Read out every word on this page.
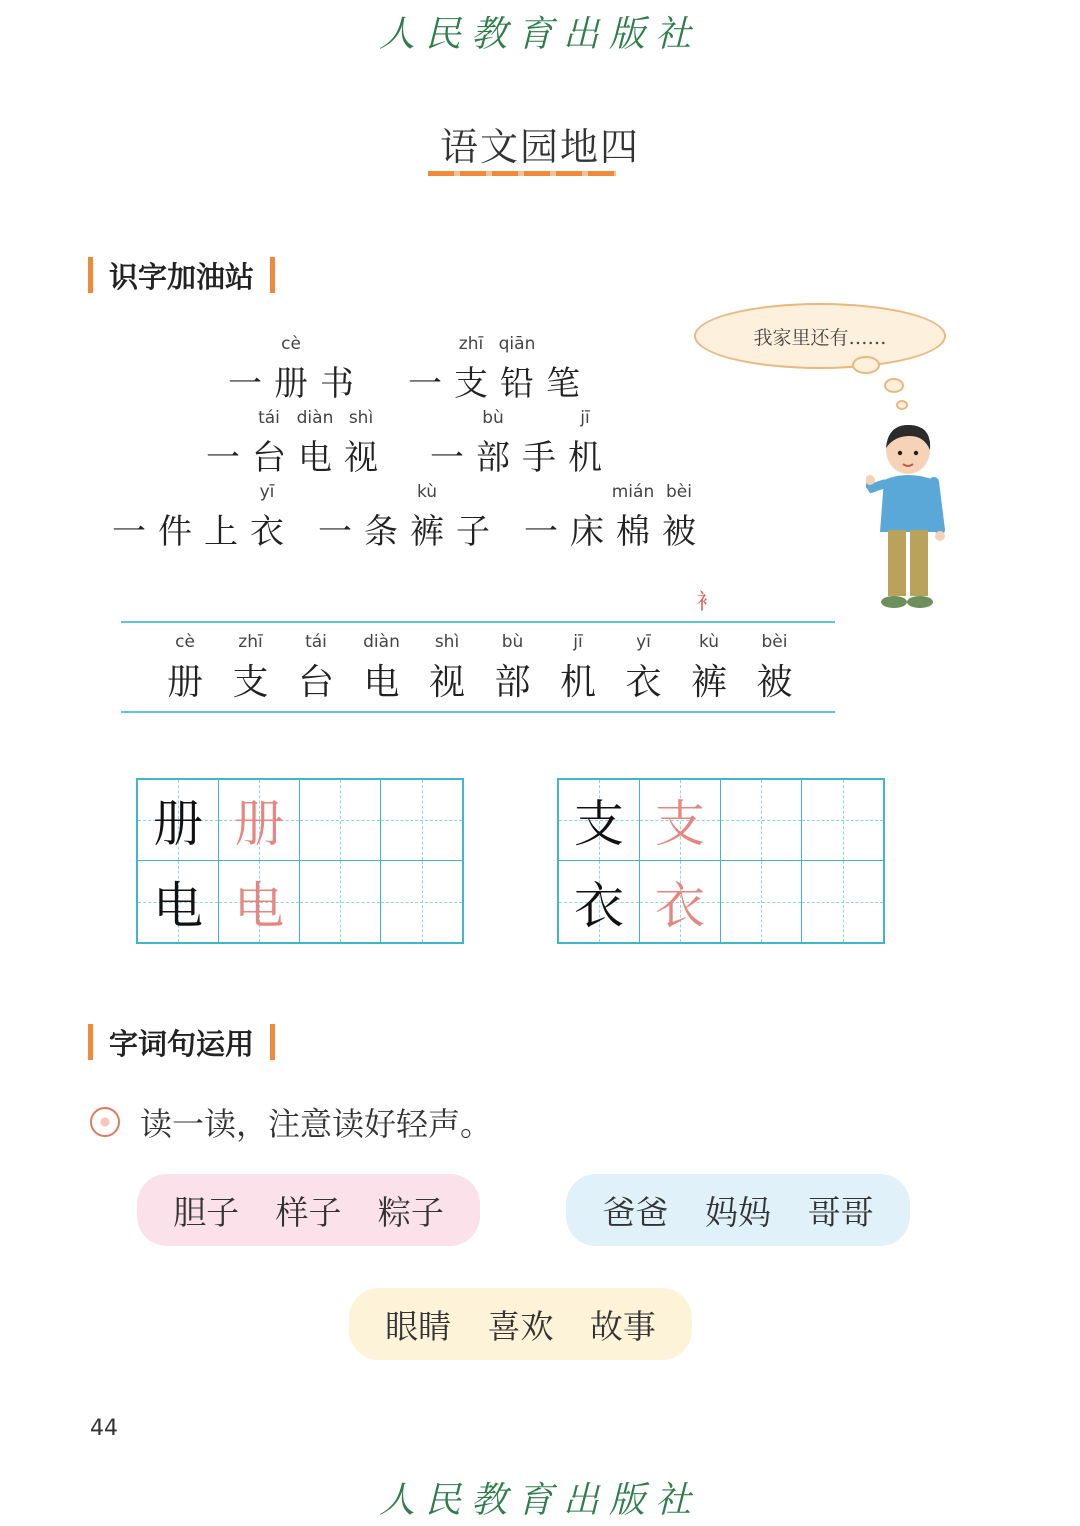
人民教育出版社
语文园地四
识字加油站
一
cè
册 书 一
zhī
支
qiān
铅 笔
一
tái
台
diàn
电
shì
视 一
bù
部 手
jī
机
一 件 上
yī
衣 一 条
kù
裤 子 一 床
mián
棉
bèi
被
我家里还有……
衤
cè
册
zhī
支
tái
台
diàn
电
shì
视
bù
部
jī
机
yī
衣
kù
裤
bèi
被
册 册
电 电
支 支
衣 衣
字词句运用
读一读，注意读好轻声。
胆子 样子 粽子	爸爸 妈妈 哥哥
眼睛 喜欢 故事
44
人民教育出版社
